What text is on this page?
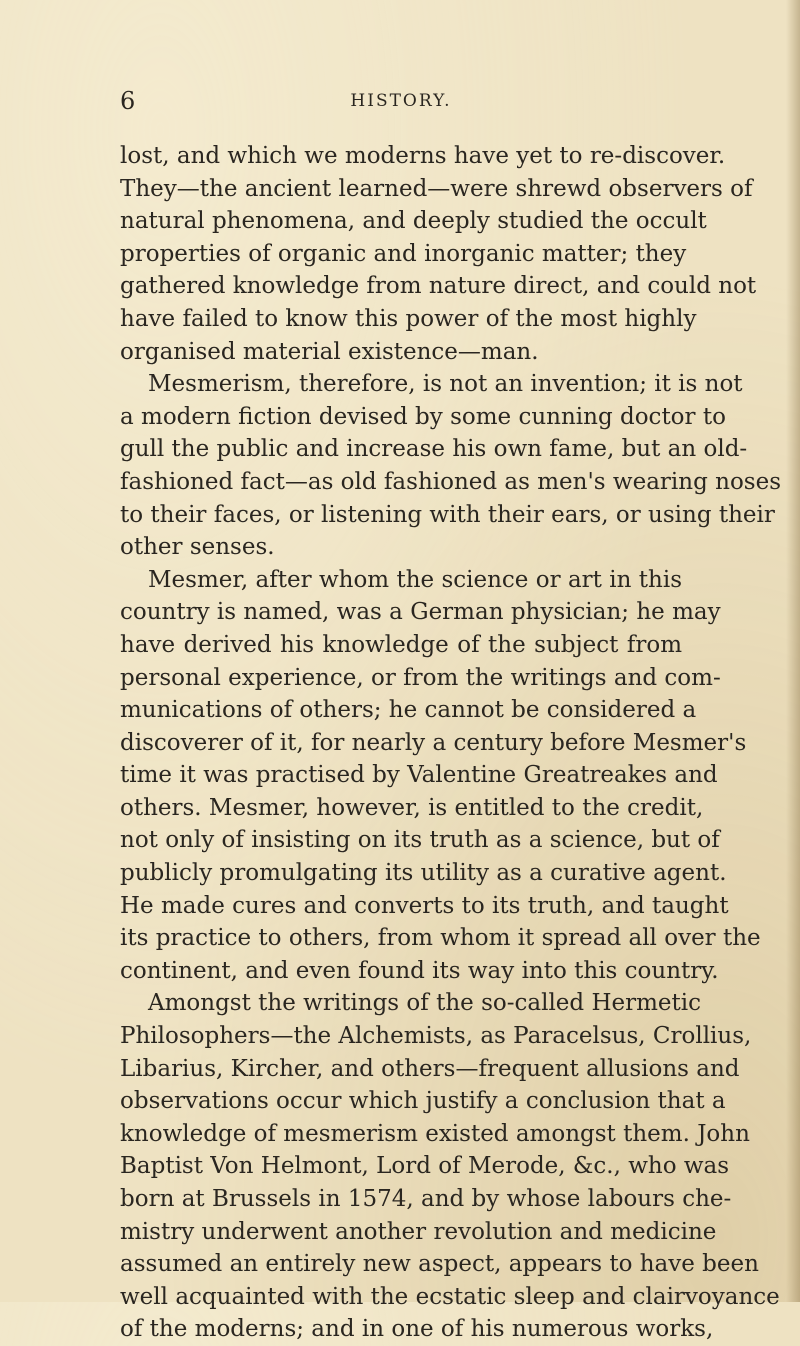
6	HISTORY.
lost, and which we moderns have yet to re-discover.
They—the ancient learned—were shrewd observers of
natural phenomena, and deeply studied the occult
properties of organic and inorganic matter; they
gathered knowledge from nature direct, and could not
have failed to know this power of the most highly
organised material existence—man.
Mesmerism, therefore, is not an invention; it is not
a modern fiction devised by some cunning doctor to
gull the public and increase his own fame, but an old-
fashioned fact—as old fashioned as men's wearing noses
to their faces, or listening with their ears, or using their
other senses.
Mesmer, after whom the science or art in this
country is named, was a German physician; he may
have derived his knowledge of the subject from
personal experience, or from the writings and com-
munications of others; he cannot be considered a
discoverer of it, for nearly a century before Mesmer's
time it was practised by Valentine Greatreakes and
others. Mesmer, however, is entitled to the credit,
not only of insisting on its truth as a science, but of
publicly promulgating its utility as a curative agent.
He made cures and converts to its truth, and taught
its practice to others, from whom it spread all over the
continent, and even found its way into this country.
Amongst the writings of the so-called Hermetic
Philosophers—the Alchemists, as Paracelsus, Crollius,
Libarius, Kircher, and others—frequent allusions and
observations occur which justify a conclusion that a
knowledge of mesmerism existed amongst them. John
Baptist Von Helmont, Lord of Merode, &c., who was
born at Brussels in 1574, and by whose labours che-
mistry underwent another revolution and medicine
assumed an entirely new aspect, appears to have been
well acquainted with the ecstatic sleep and clairvoyance
of the moderns; and in one of his numerous works,
